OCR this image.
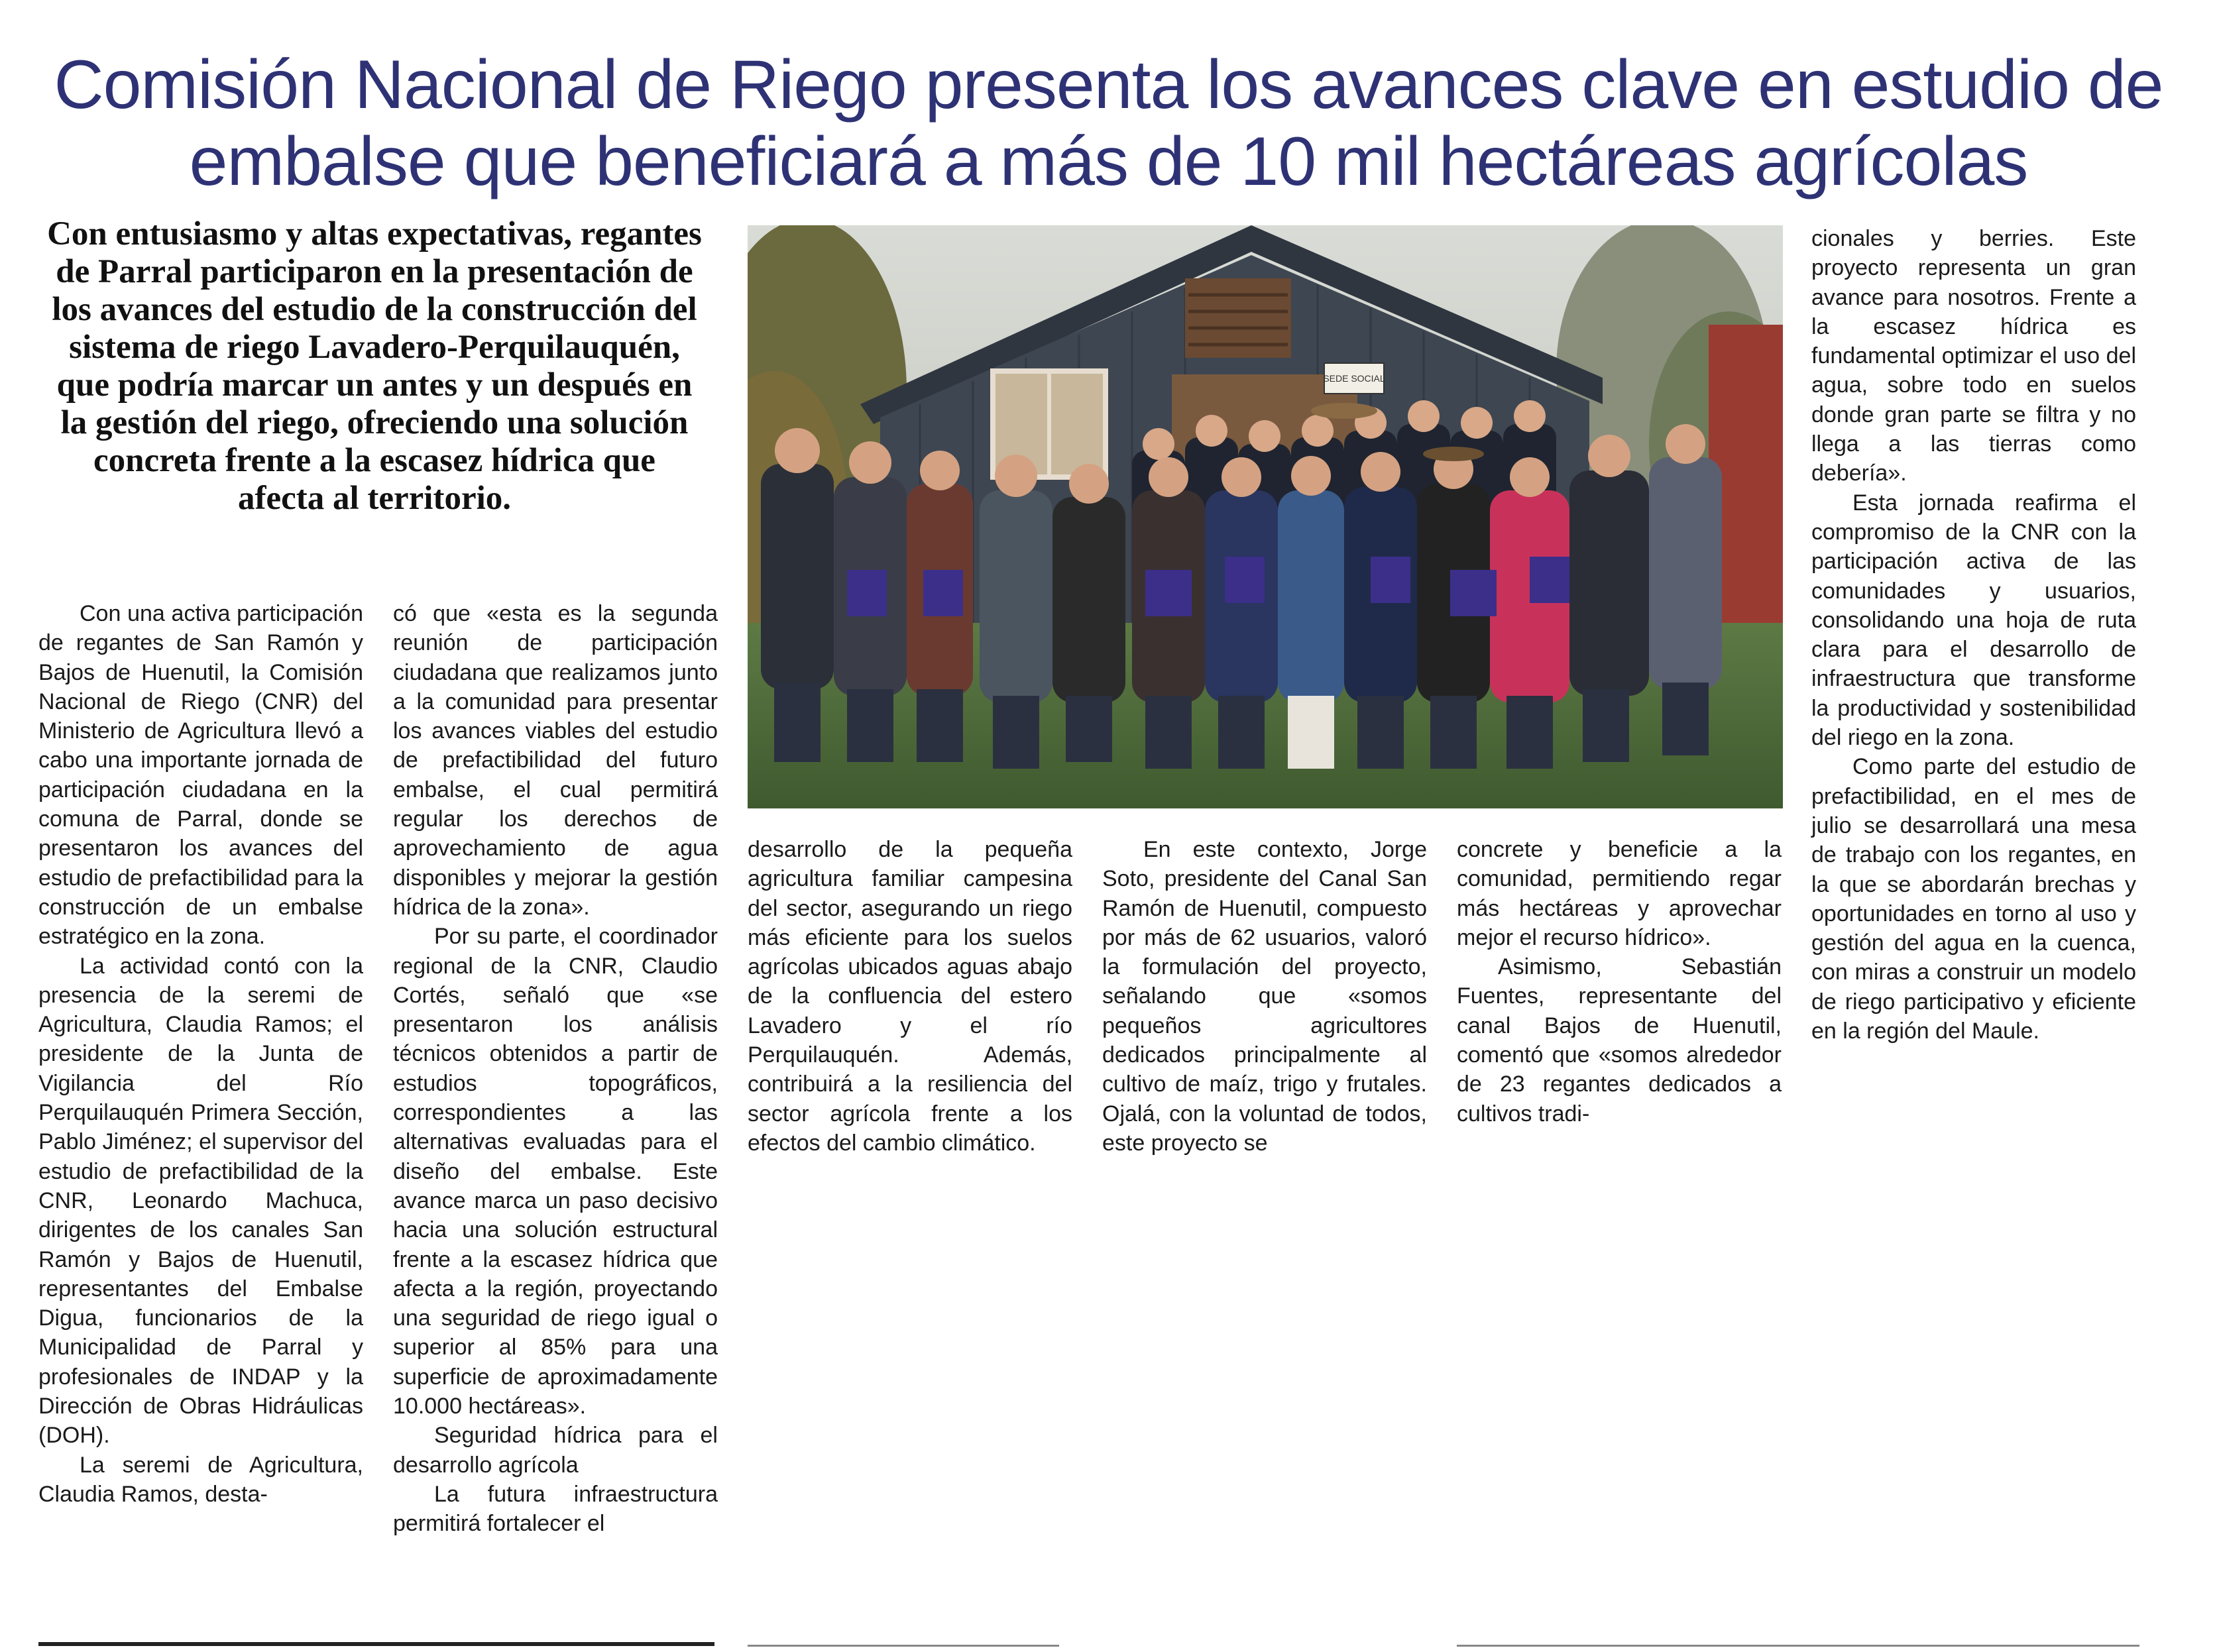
Comisión Nacional de Riego presenta los avances clave en estudio de embalse que beneficiará a más de 10 mil hectáreas agrícolas

Con entusiasmo y altas expectativas, regantes de Parral participaron en la presentación de los avances del estudio de la construcción del sistema de riego Lavadero-Perquilauquén, que podría marcar un antes y un después en la gestión del riego, ofreciendo una solución concreta frente a la escasez hídrica que afecta al territorio.

SEDE SOCIAL

Con una activa participación de regantes de San Ramón y Bajos de Huenutil, la Comisión Nacional de Riego (CNR) del Ministerio de Agricultura llevó a cabo una importante jornada de participación ciudadana en la comuna de Parral, donde se presentaron los avances del estudio de prefactibilidad para la construcción de un embalse estratégico en la zona.

La actividad contó con la presencia de la seremi de Agricultura, Claudia Ramos; el presidente de la Junta de Vigilancia del Río Perquilauquén Primera Sección, Pablo Jiménez; el supervisor del estudio de prefactibilidad de la CNR, Leonardo Machuca, dirigentes de los canales San Ramón y Bajos de Huenutil, representantes del Embalse Digua, funcionarios de la Municipalidad de Parral y profesionales de INDAP y la Dirección de Obras Hidráulicas (DOH).

La seremi de Agricultura, Claudia Ramos, desta-

có que «esta es la segunda reunión de participación ciudadana que realizamos junto a la comunidad para presentar los avances viables del estudio de prefactibilidad del futuro embalse, el cual permitirá regular los derechos de aprovechamiento de agua disponibles y mejorar la gestión hídrica de la zona».

Por su parte, el coordinador regional de la CNR, Claudio Cortés, señaló que «se presentaron los análisis técnicos obtenidos a partir de estudios topográficos, correspondientes a las alternativas evaluadas para el diseño del embalse. Este avance marca un paso decisivo hacia una solución estructural frente a la escasez hídrica que afecta a la región, proyectando una seguridad de riego igual o superior al 85% para una superficie de aproximadamente 10.000 hectáreas».

Seguridad hídrica para el desarrollo agrícola

La futura infraestructura permitirá fortalecer el

desarrollo de la pequeña agricultura familiar campesina del sector, asegurando un riego más eficiente para los suelos agrícolas ubicados aguas abajo de la confluencia del estero Lavadero y el río Perquilauquén. Además, contribuirá a la resiliencia del sector agrícola frente a los efectos del cambio climático.

En este contexto, Jorge Soto, presidente del Canal San Ramón de Huenutil, compuesto por más de 62 usuarios, valoró la formulación del proyecto, señalando que «somos pequeños agricultores dedicados principalmente al cultivo de maíz, trigo y frutales. Ojalá, con la voluntad de todos, este proyecto se

concrete y beneficie a la comunidad, permitiendo regar más hectáreas y aprovechar mejor el recurso hídrico».

Asimismo, Sebastián Fuentes, representante del canal Bajos de Huenutil, comentó que «somos alrededor de 23 regantes dedicados a cultivos tradi-

cionales y berries. Este proyecto representa un gran avance para nosotros. Frente a la escasez hídrica es fundamental optimizar el uso del agua, sobre todo en suelos donde gran parte se filtra y no llega a las tierras como debería».

Esta jornada reafirma el compromiso de la CNR con la participación activa de las comunidades y usuarios, consolidando una hoja de ruta clara para el desarrollo de infraestructura que transforme la productividad y sostenibilidad del riego en la zona.

Como parte del estudio de prefactibilidad, en el mes de julio se desarrollará una mesa de trabajo con los regantes, en la que se abordarán brechas y oportunidades en torno al uso y gestión del agua en la cuenca, con miras a construir un modelo de riego participativo y eficiente en la región del Maule.
